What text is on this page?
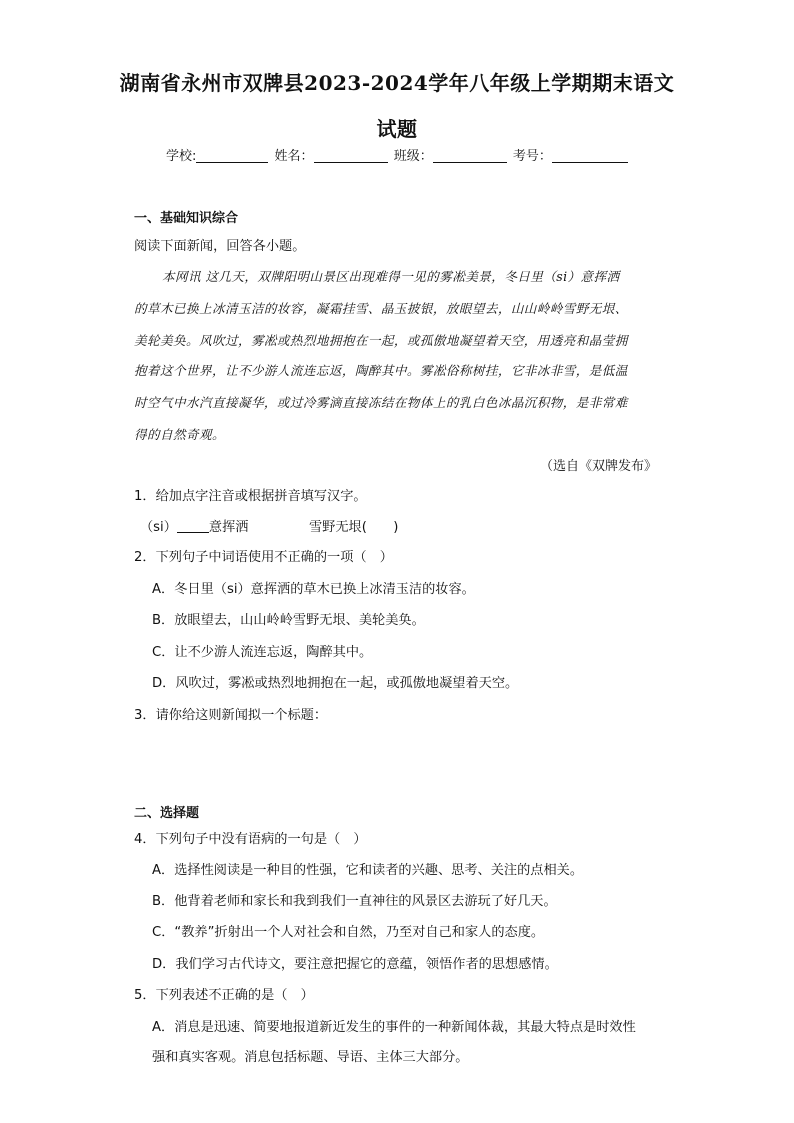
湖南省永州市双牌县2023-2024学年八年级上学期期末语文
试题
学校:	姓名：	班级：	考号：
一、基础知识综合
阅读下面新闻，回答各小题。
本网讯 这几天，双牌阳明山景区出现难得一见的雾凇美景，冬日里（si）意挥洒
的草木已换上冰清玉洁的妆容，凝霜挂雪、晶玉披银，放眼望去，山山岭岭雪野无垠、
美轮美奂。风吹过，雾凇或热烈地拥抱在一起，或孤傲地凝望着天空，用透亮和晶莹拥
抱着这个世界，让不少游人流连忘返，陶醉其中。雾凇俗称树挂，它非冰非雪，是低温
时空气中水汽直接凝华，或过冷雾滴直接冻结在物体上的乳白色冰晶沉积物，是非常难
得的自然奇观。
（选自《双牌发布》
1．给加点字注音或根据拼音填写汉字。
（si） 意挥洒	雪野无垠(　　)
2．下列句子中词语使用不正确的一项（　）
A．冬日里（si）意挥洒的草木已换上冰清玉洁的妆容。
B．放眼望去，山山岭岭雪野无垠、美轮美奂。
C．让不少游人流连忘返，陶醉其中。
D．风吹过，雾凇或热烈地拥抱在一起，或孤傲地凝望着天空。
3．请你给这则新闻拟一个标题：
二、选择题
4．下列句子中没有语病的一句是（　）
A．选择性阅读是一种目的性强，它和读者的兴趣、思考、关注的点相关。
B．他背着老师和家长和我到我们一直神往的风景区去游玩了好几天。
C．“教养”折射出一个人对社会和自然，乃至对自己和家人的态度。
D．我们学习古代诗文，要注意把握它的意蕴，领悟作者的思想感情。
5．下列表述不正确的是（　）
A．消息是迅速、简要地报道新近发生的事件的一种新闻体裁，其最大特点是时效性
强和真实客观。消息包括标题、导语、主体三大部分。
